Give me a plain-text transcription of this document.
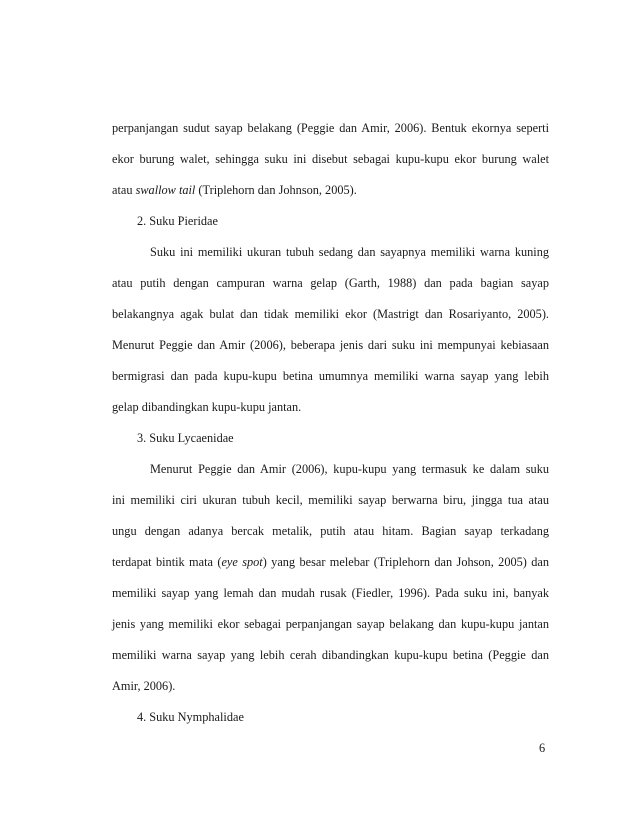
perpanjangan sudut sayap belakang (Peggie dan Amir, 2006). Bentuk ekornya seperti
ekor burung walet, sehingga suku ini disebut sebagai kupu-kupu ekor burung walet
atau swallow tail (Triplehorn dan Johnson, 2005).
2. Suku Pieridae
Suku ini memiliki ukuran tubuh sedang dan sayapnya memiliki warna kuning
atau putih dengan campuran warna gelap (Garth, 1988) dan pada bagian sayap
belakangnya agak bulat dan tidak memiliki ekor (Mastrigt dan Rosariyanto, 2005).
Menurut Peggie dan Amir (2006), beberapa jenis dari suku ini mempunyai kebiasaan
bermigrasi dan pada kupu-kupu betina umumnya memiliki warna sayap yang lebih
gelap dibandingkan kupu-kupu jantan.
3. Suku Lycaenidae
Menurut Peggie dan Amir (2006), kupu-kupu yang termasuk ke dalam suku
ini memiliki ciri ukuran tubuh kecil, memiliki sayap berwarna biru, jingga tua atau
ungu dengan adanya bercak metalik, putih atau hitam. Bagian sayap terkadang
terdapat bintik mata (eye spot) yang besar melebar (Triplehorn dan Johson, 2005) dan
memiliki sayap yang lemah dan mudah rusak (Fiedler, 1996). Pada suku ini, banyak
jenis yang memiliki ekor sebagai perpanjangan sayap belakang dan kupu-kupu jantan
memiliki warna sayap yang lebih cerah dibandingkan kupu-kupu betina (Peggie dan
Amir, 2006).
4. Suku Nymphalidae
6
